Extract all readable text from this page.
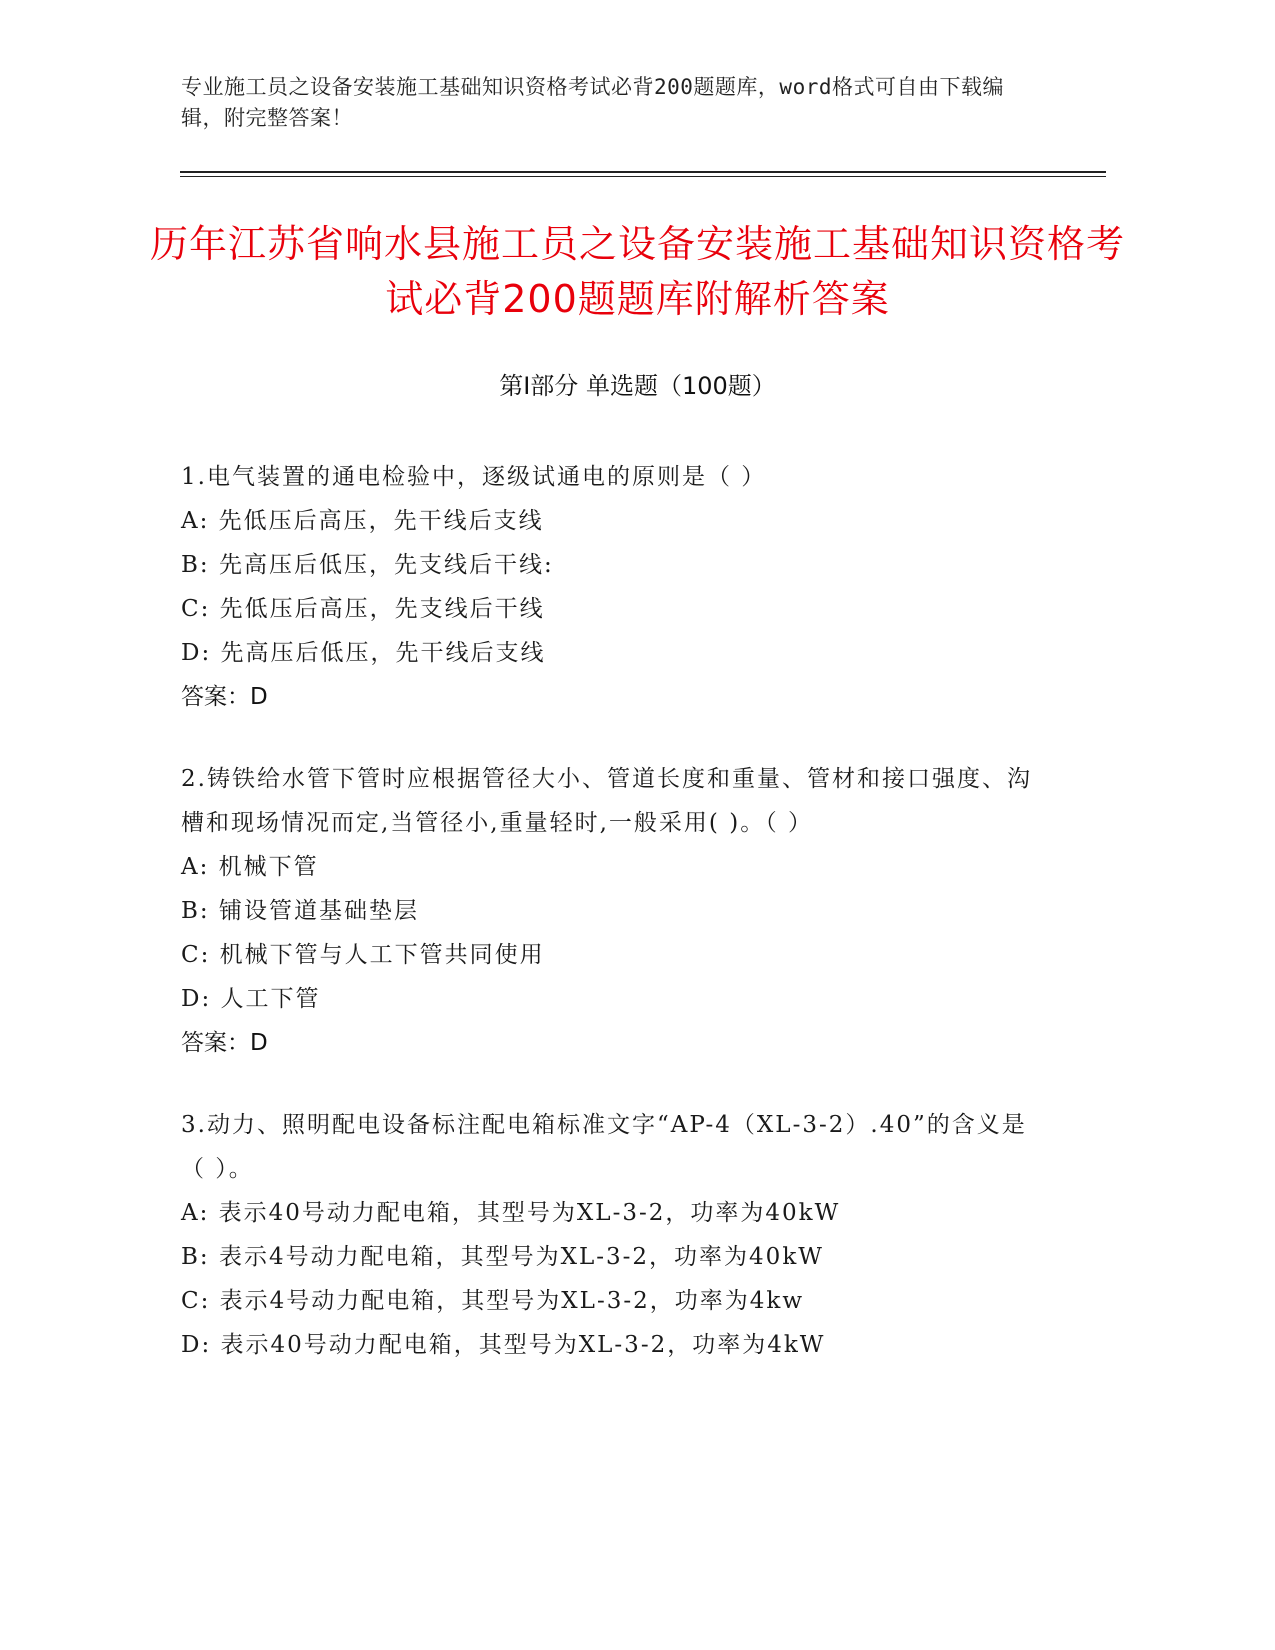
专业施工员之设备安装施工基础知识资格考试必背200题题库，word格式可自由下载编辑，附完整答案！
历年江苏省响水县施工员之设备安装施工基础知识资格考试必背200题题库附解析答案
第Ⅰ部分 单选题（100题）
1.电气装置的通电检验中，逐级试通电的原则是（ ）
A: 先低压后高压，先干线后支线
B: 先高压后低压，先支线后干线:
C: 先低压后高压，先支线后干线
D: 先高压后低压，先干线后支线
答案：D
2.铸铁给水管下管时应根据管径大小、管道长度和重量、管材和接口强度、沟槽和现场情况而定,当管径小,重量轻时,一般采用( )。（ ）
A: 机械下管
B: 铺设管道基础垫层
C: 机械下管与人工下管共同使用
D: 人工下管
答案：D
3.动力、照明配电设备标注配电箱标准文字“AP-4（XL-3-2）.40”的含义是（ ）。
A: 表示40号动力配电箱，其型号为XL-3-2，功率为40kW
B: 表示4号动力配电箱，其型号为XL-3-2，功率为40kW
C: 表示4号动力配电箱，其型号为XL-3-2，功率为4kw
D: 表示40号动力配电箱，其型号为XL-3-2，功率为4kW
